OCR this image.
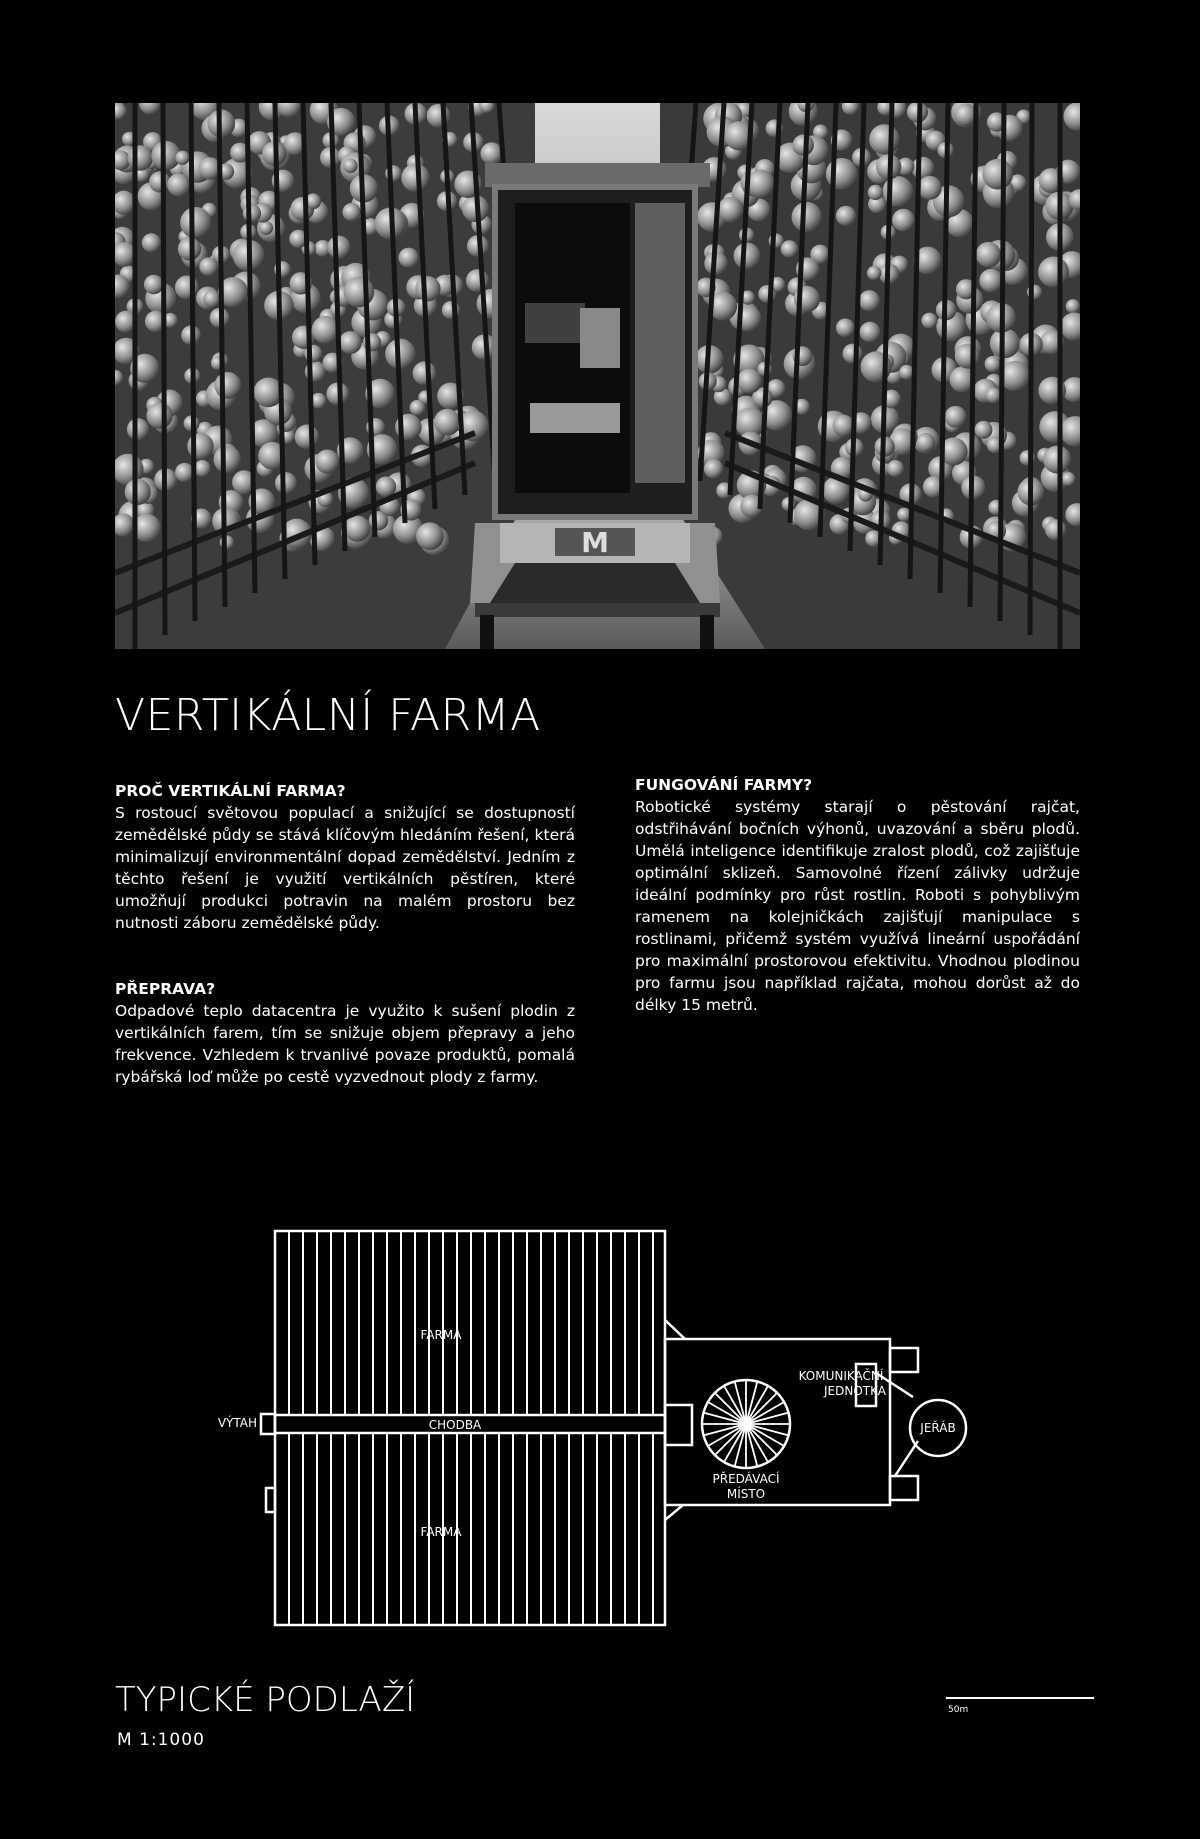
M
VERTIKÁLNÍ FARMA

PROČ VERTIKÁLNÍ FARMA?

S rostoucí světovou populací a snižující se dostupností zemědělské půdy se stává klíčovým hledáním řešení, která minimalizují environmentální dopad zemědělství. Jedním z těchto řešení je využití vertikálních pěstíren, které umožňují produkci potravin na malém prostoru bez nutnosti záboru zemědělské půdy.

PŘEPRAVA?

Odpadové teplo datacentra je využito k sušení plodin z vertikálních farem, tím se snižuje objem přepravy a jeho frekvence. Vzhledem k trvanlivé povaze produktů, pomalá rybářská loď může po cestě vyzvednout plody z farmy.

FUNGOVÁNÍ FARMY?

Robotické systémy starají o pěstování rajčat, odstřihávání bočních výhonů, uvazování a sběru plodů. Umělá inteligence identifikuje zralost plodů, což zajišťuje optimální sklizeň. Samovolné řízení zálivky udržuje ideální podmínky pro růst rostlin. Roboti s pohyblivým ramenem na kolejničkách zajišťují manipulace s rostlinami, přičemž systém využívá lineární uspořádání pro maximální prostorovou efektivitu. Vhodnou plodinou pro farmu jsou například rajčata, mohou dorůst až do délky 15 metrů.

FARMA
FARMA
CHODBA
VÝTAH
KOMUNIKAČNÍ
JEDNOTKA
PŘEDÁVACÍ
MÍSTO
JEŘÁB
TYPICKÉ PODLAŽÍ
M 1:1000
50m
